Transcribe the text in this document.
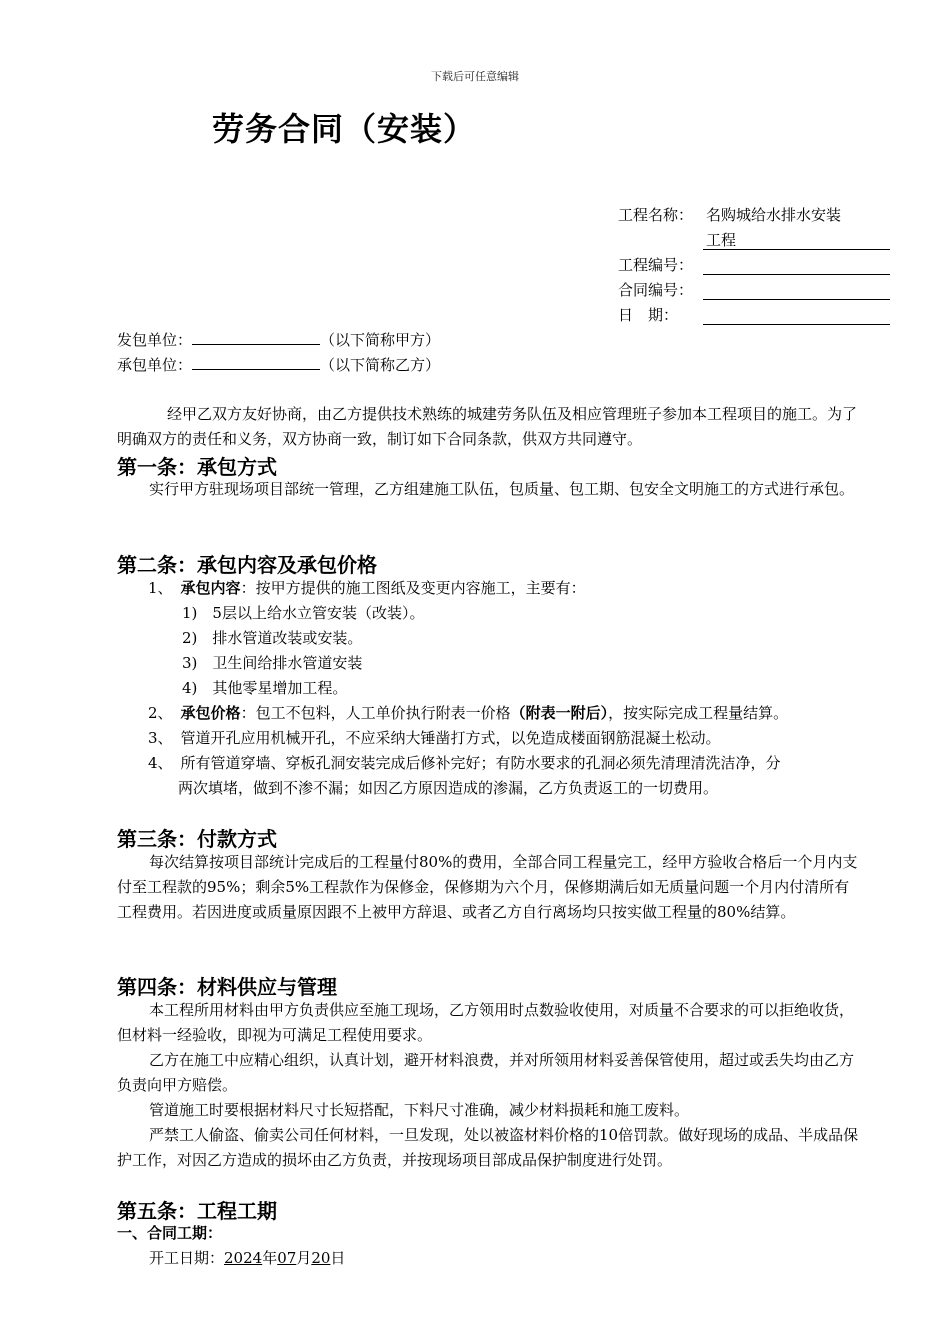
下载后可任意编辑
劳务合同（安装）
工程名称： 名购城给水排水安装
工程
工程编号：
合同编号：
日　期：
发包单位：	（以下简称甲方）
承包单位：	（以下简称乙方）
经甲乙双方友好协商，由乙方提供技术熟练的城建劳务队伍及相应管理班子参加本工程项目的施工。为了明确双方的责任和义务，双方协商一致，制订如下合同条款，供双方共同遵守。
第一条：承包方式
实行甲方驻现场项目部统一管理，乙方组建施工队伍，包质量、包工期、包安全文明施工的方式进行承包。
第二条：承包内容及承包价格
1、 承包内容：按甲方提供的施工图纸及变更内容施工，主要有：
1)　5层以上给水立管安装（改装）。
2)　排水管道改装或安装。
3)　卫生间给排水管道安装
4)　其他零星增加工程。
2、 承包价格：包工不包料，人工单价执行附表一价格（附表一附后），按实际完成工程量结算。
3、 管道开孔应用机械开孔，不应采纳大锤凿打方式，以免造成楼面钢筋混凝土松动。
4、 所有管道穿墙、穿板孔洞安装完成后修补完好；有防水要求的孔洞必须先清理清洗洁净，分
两次填堵，做到不渗不漏；如因乙方原因造成的渗漏，乙方负责返工的一切费用。
第三条：付款方式
每次结算按项目部统计完成后的工程量付80%的费用，全部合同工程量完工，经甲方验收合格后一个月内支付至工程款的95%；剩余5%工程款作为保修金，保修期为六个月，保修期满后如无质量问题一个月内付清所有工程费用。若因进度或质量原因跟不上被甲方辞退、或者乙方自行离场均只按实做工程量的80%结算。
第四条：材料供应与管理
本工程所用材料由甲方负责供应至施工现场，乙方领用时点数验收使用，对质量不合要求的可以拒绝收货，但材料一经验收，即视为可满足工程使用要求。
乙方在施工中应精心组织，认真计划，避开材料浪费，并对所领用材料妥善保管使用，超过或丢失均由乙方负责向甲方赔偿。
管道施工时要根据材料尺寸长短搭配，下料尺寸准确，减少材料损耗和施工废料。
严禁工人偷盗、偷卖公司任何材料，一旦发现，处以被盗材料价格的10倍罚款。做好现场的成品、半成品保护工作，对因乙方造成的损坏由乙方负责，并按现场项目部成品保护制度进行处罚。
第五条：工程工期
一、合同工期：
开工日期：2024年07月20日
